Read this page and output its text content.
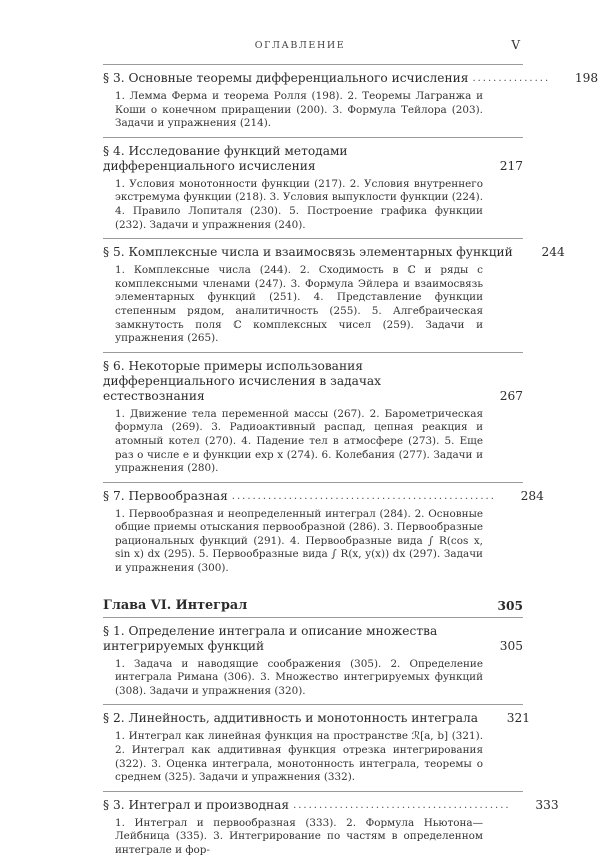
ОГЛАВЛЕНИЕ	V
§ 3. Основные теоремы дифференциального исчисления ...............	198
1. Лемма Ферма и теорема Ролля (198). 2. Теоремы Лагранжа и Коши о конечном приращении (200). 3. Формула Тейлора (203). Задачи и упражнения (214).
§ 4. Исследование функций методами дифференциального исчисления	217
1. Условия монотонности функции (217). 2. Условия внутреннего экстремума функции (218). 3. Условия выпуклости функции (224). 4. Правило Лопиталя (230). 5. Построение графика функции (232). Задачи и упражнения (240).
§ 5. Комплексные числа и взаимосвязь элементарных функций	244
1. Комплексные числа (244). 2. Сходимость в ℂ и ряды с комплексными членами (247). 3. Формула Эйлера и взаимосвязь элементарных функций (251). 4. Представление функции степенным рядом, аналитичность (255). 5. Алгебраическая замкнутость поля ℂ комплексных чисел (259). Задачи и упражнения (265).
§ 6. Некоторые примеры использования дифференциального исчисления в задачах естествознания	267
1. Движение тела переменной массы (267). 2. Барометрическая формула (269). 3. Радиоактивный распад, цепная реакция и атомный котел (270). 4. Падение тел в атмосфере (273). 5. Еще раз о числе e и функции exp x (274). 6. Колебания (277). Задачи и упражнения (280).
§ 7. Первообразная ...................................................	284
1. Первообразная и неопределенный интеграл (284). 2. Основные общие приемы отыскания первообразной (286). 3. Первообразные рациональных функций (291). 4. Первообразные вида ∫ R(cos x, sin x) dx (295). 5. Первообразные вида ∫ R(x, y(x)) dx (297). Задачи и упражнения (300).
Глава VI. Интеграл	305
§ 1. Определение интеграла и описание множества интегрируемых функций	305
1. Задача и наводящие соображения (305). 2. Определение интеграла Римана (306). 3. Множество интегрируемых функций (308). Задачи и упражнения (320).
§ 2. Линейность, аддитивность и монотонность интеграла	321
1. Интеграл как линейная функция на пространстве ℛ[a, b] (321). 2. Интеграл как аддитивная функция отрезка интегрирования (322). 3. Оценка интеграла, монотонность интеграла, теоремы о среднем (325). Задачи и упражнения (332).
§ 3. Интеграл и производная ..........................................	333
1. Интеграл и первообразная (333). 2. Формула Ньютона—Лейбница (335). 3. Интегрирование по частям в определенном интеграле и фор-
